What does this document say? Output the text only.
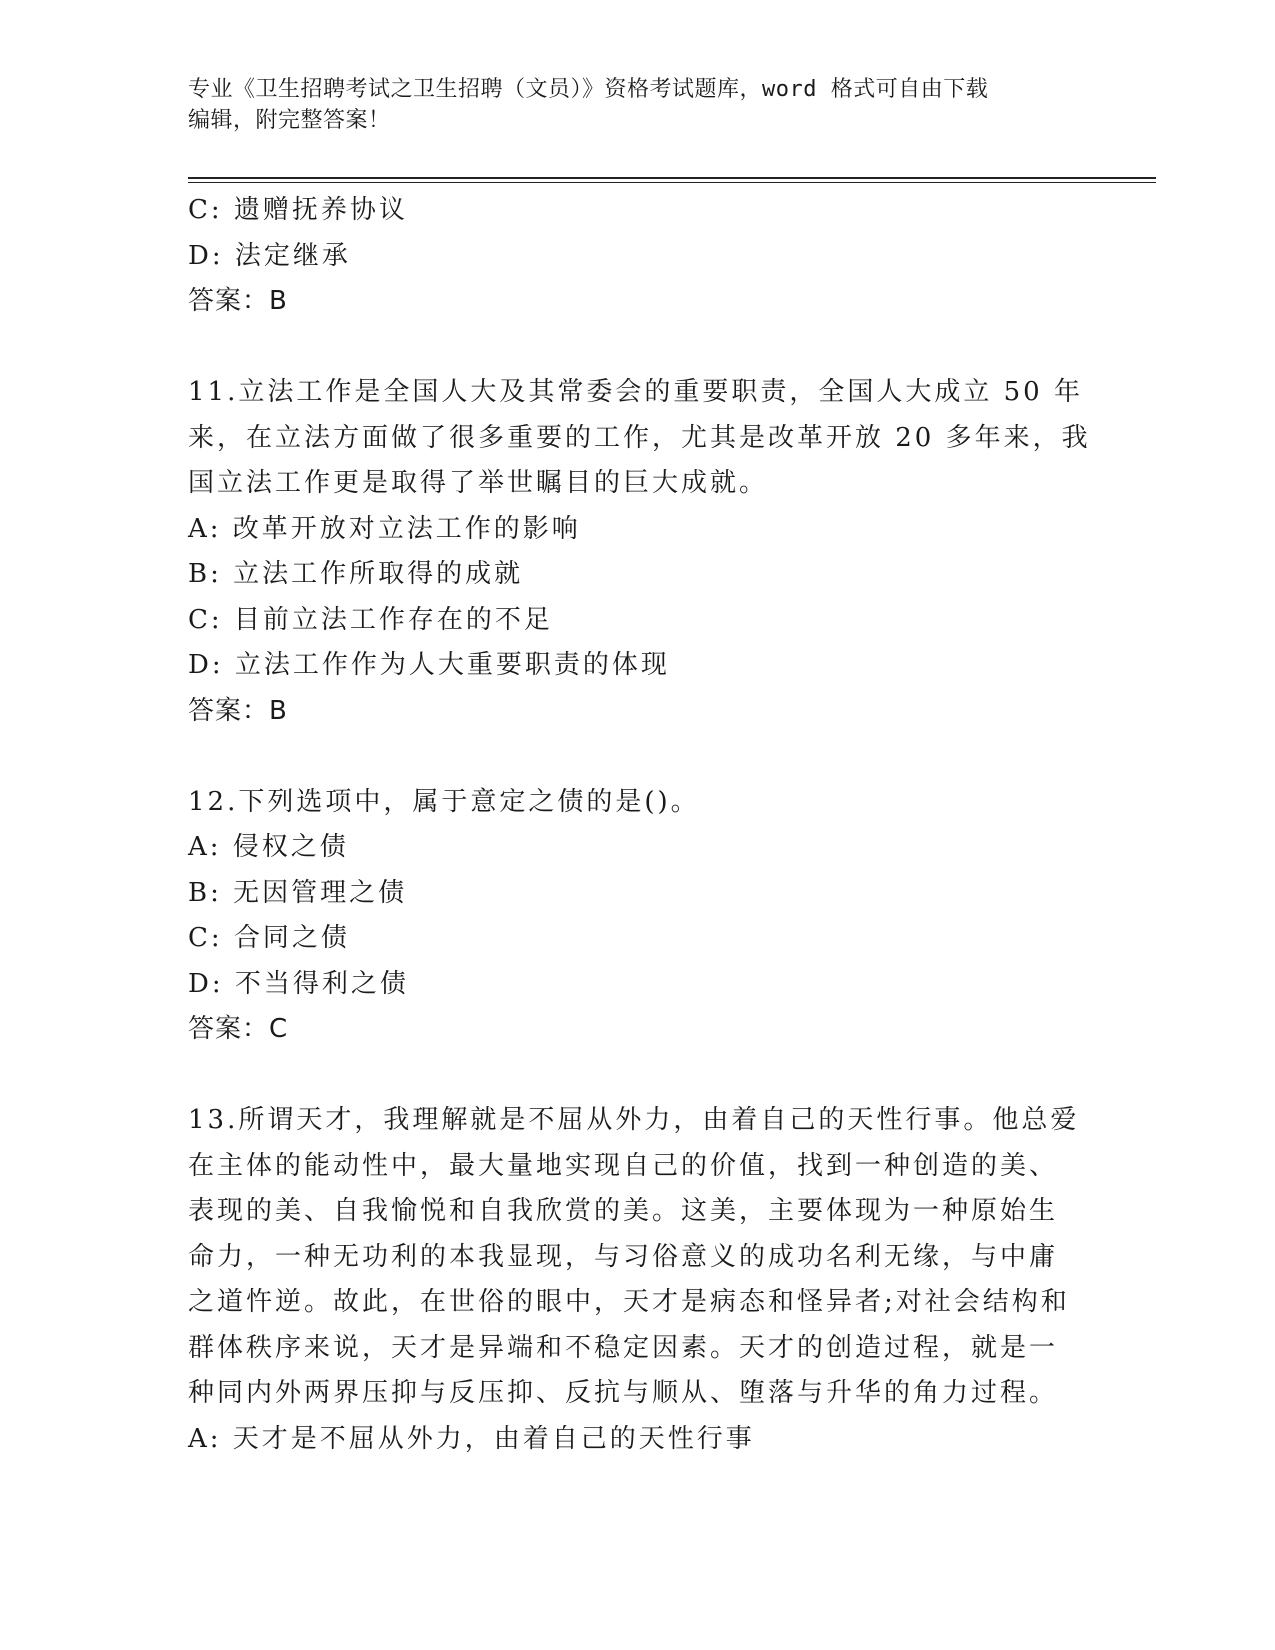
专业《卫生招聘考试之卫生招聘（文员）》资格考试题库，word 格式可自由下载
编辑，附完整答案！
C: 遗赠抚养协议
D: 法定继承
答案：B
11.立法工作是全国人大及其常委会的重要职责，全国人大成立 50 年
来，在立法方面做了很多重要的工作，尤其是改革开放 20 多年来，我
国立法工作更是取得了举世瞩目的巨大成就。
A: 改革开放对立法工作的影响
B: 立法工作所取得的成就
C: 目前立法工作存在的不足
D: 立法工作作为人大重要职责的体现
答案：B
12.下列选项中，属于意定之债的是()。
A: 侵权之债
B: 无因管理之债
C: 合同之债
D: 不当得利之债
答案：C
13.所谓天才，我理解就是不屈从外力，由着自己的天性行事。他总爱
在主体的能动性中，最大量地实现自己的价值，找到一种创造的美、
表现的美、自我愉悦和自我欣赏的美。这美，主要体现为一种原始生
命力，一种无功利的本我显现，与习俗意义的成功名利无缘，与中庸
之道忤逆。故此，在世俗的眼中，天才是病态和怪异者;对社会结构和
群体秩序来说，天才是异端和不稳定因素。天才的创造过程，就是一
种同内外两界压抑与反压抑、反抗与顺从、堕落与升华的角力过程。
A: 天才是不屈从外力，由着自己的天性行事
